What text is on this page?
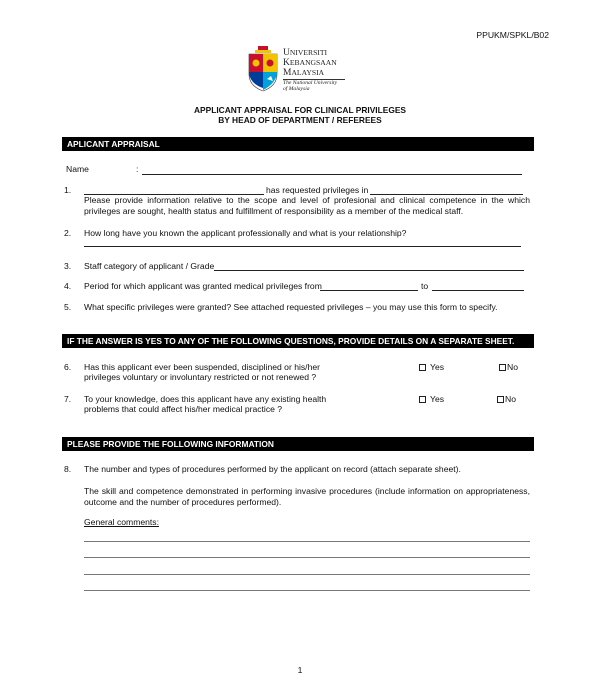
PPUKM/SPKL/B02
UNIVERSITI
KEBANGSAAN
MALAYSIA
The National University
of Malaysia
APPLICANT APPRAISAL FOR CLINICAL PRIVILEGES
BY HEAD OF DEPARTMENT / REFEREES
APLICANT APPRAISAL
Name	:
1.	has requested privileges in
Please provide information relative to the scope and level of profesional and clinical competence in the which privileges are sought, health status and fulfillment of responsibility as a member of the medical staff.
2. How long have you known the applicant professionally and what is your relationship?
3. Staff category of applicant / Grade
4. Period for which applicant was granted medical privileges from	to
5. What specific privileges were granted? See attached requested privileges – you may use this form to specify.
IF THE ANSWER IS YES TO ANY OF THE FOLLOWING QUESTIONS, PROVIDE DETAILS ON A SEPARATE SHEET.
6. Has this applicant ever been suspended, disciplined or his/her
privileges voluntary or involuntary restricted or not renewed ?
Yes	No
7. To your knowledge, does this applicant have any existing health
problems that could affect his/her medical practice ?
Yes	No
PLEASE PROVIDE THE FOLLOWING INFORMATION
8. The number and types of procedures performed by the applicant on record (attach separate sheet).
The skill and competence demonstrated in performing invasive procedures (include information on appropriateness, outcome and the number of procedures performed).
General comments:
1
